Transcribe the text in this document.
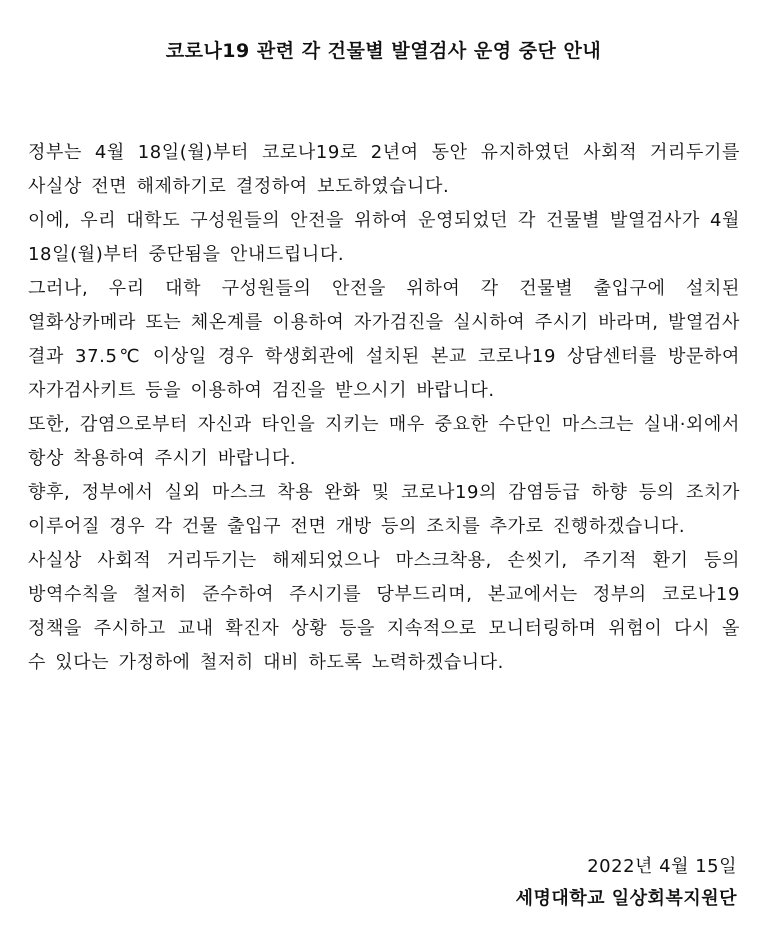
코로나19 관련 각 건물별 발열검사 운영 중단 안내

정부는 4월 18일(월)부터 코로나19로 2년여 동안 유지하였던 사회적 거리두기를 사실상 전면 해제하기로 결정하여 보도하였습니다.

이에, 우리 대학도 구성원들의 안전을 위하여 운영되었던 각 건물별 발열검사가 4월 18일(월)부터 중단됨을 안내드립니다.

그러나, 우리 대학 구성원들의 안전을 위하여 각 건물별 출입구에 설치된 열화상카메라 또는 체온계를 이용하여 자가검진을 실시하여 주시기 바라며, 발열검사 결과 37.5℃ 이상일 경우 학생회관에 설치된 본교 코로나19 상담센터를 방문하여 자가검사키트 등을 이용하여 검진을 받으시기 바랍니다.

또한, 감염으로부터 자신과 타인을 지키는 매우 중요한 수단인 마스크는 실내·외에서 항상 착용하여 주시기 바랍니다.

향후, 정부에서 실외 마스크 착용 완화 및 코로나19의 감염등급 하향 등의 조치가 이루어질 경우 각 건물 출입구 전면 개방 등의 조치를 추가로 진행하겠습니다.

사실상 사회적 거리두기는 해제되었으나 마스크착용, 손씻기, 주기적 환기 등의 방역수칙을 철저히 준수하여 주시기를 당부드리며, 본교에서는 정부의 코로나19 정책을 주시하고 교내 확진자 상황 등을 지속적으로 모니터링하며 위험이 다시 올 수 있다는 가정하에 철저히 대비 하도록 노력하겠습니다.

2022년 4월 15일
세명대학교 일상회복지원단
